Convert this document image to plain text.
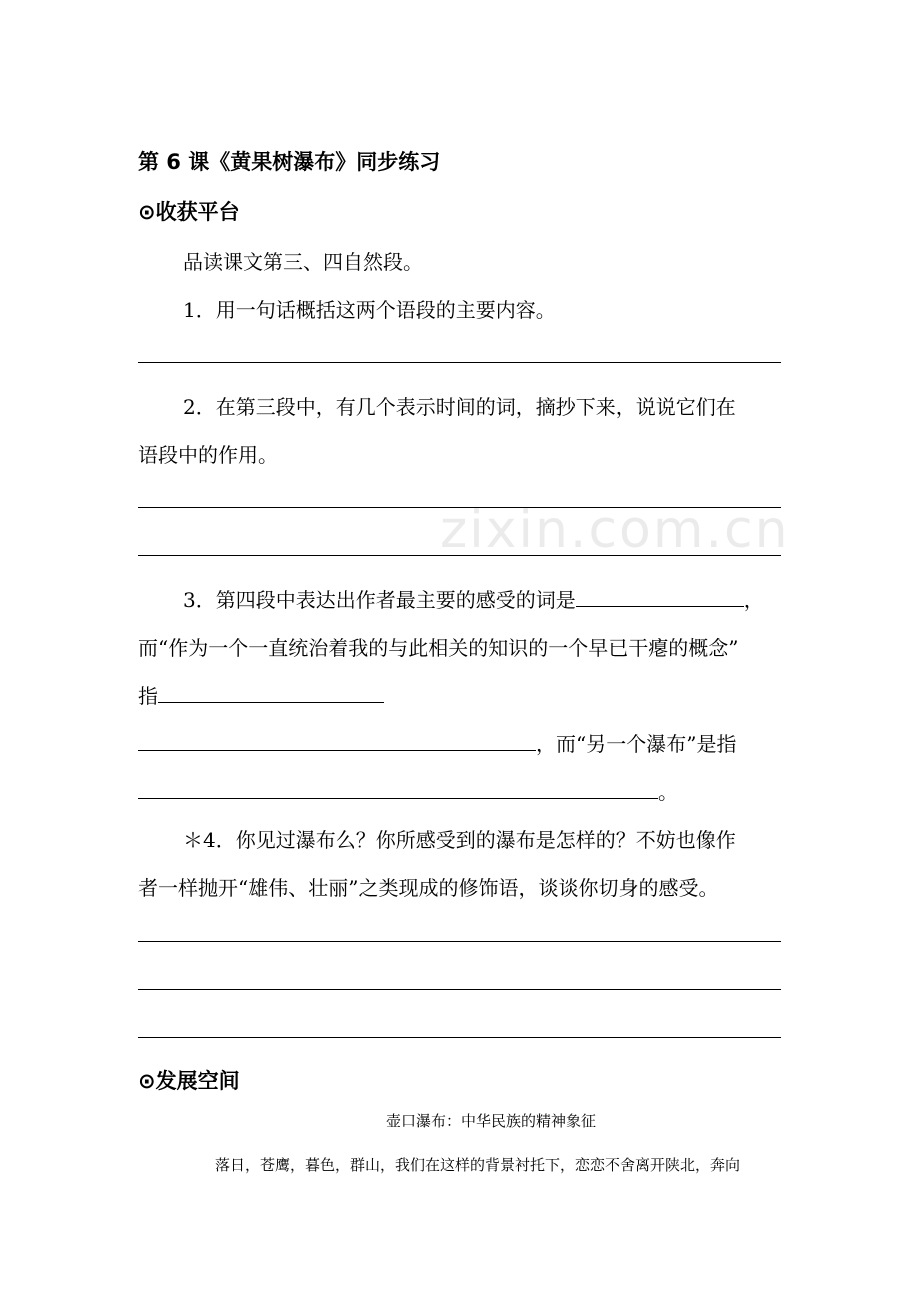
zixin.com.cn
第 6 课《黄果树瀑布》同步练习
⊙收获平台
品读课文第三、四自然段。
1．用一句话概括这两个语段的主要内容。
2．在第三段中，有几个表示时间的词，摘抄下来，说说它们在
语段中的作用。
3．第四段中表达出作者最主要的感受的词是	，
而“作为一个一直统治着我的与此相关的知识的一个早已干瘪的概念”
指
，而“另一个瀑布”是指
。
＊4．你见过瀑布么？你所感受到的瀑布是怎样的？不妨也像作
者一样抛开“雄伟、壮丽”之类现成的修饰语，谈谈你切身的感受。
⊙发展空间
壶口瀑布：中华民族的精神象征
落日，苍鹰，暮色，群山，我们在这样的背景衬托下，恋恋不舍离开陕北，奔向
